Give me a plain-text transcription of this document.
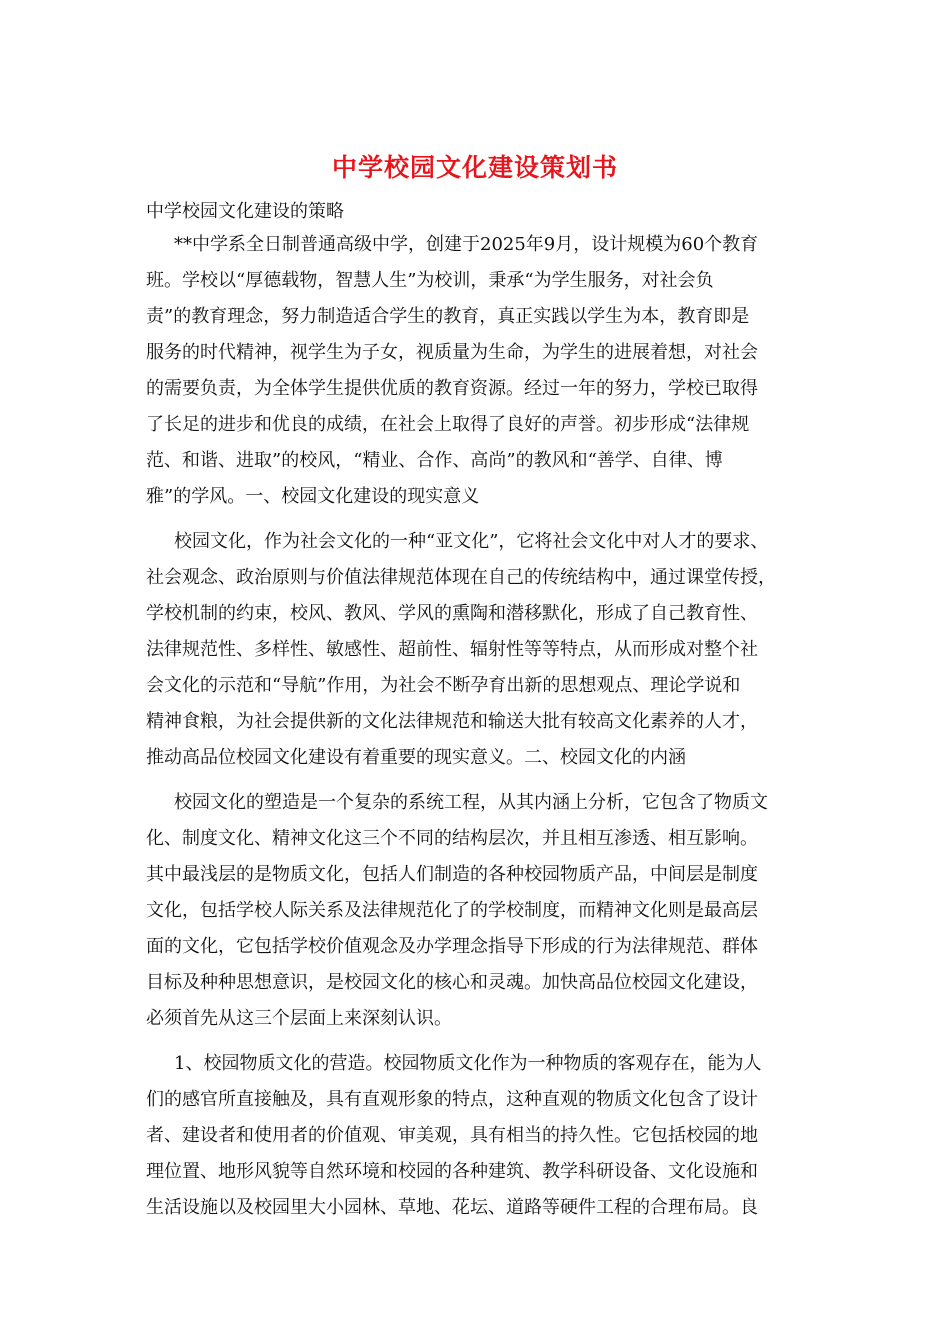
中学校园文化建设策划书
中学校园文化建设的策略
**中学系全日制普通高级中学，创建于2025年9月，设计规模为60个教育
班。学校以“厚德载物，智慧人生”为校训，秉承“为学生服务，对社会负
责”的教育理念，努力制造适合学生的教育，真正实践以学生为本，教育即是
服务的时代精神，视学生为子女，视质量为生命，为学生的进展着想，对社会
的需要负责，为全体学生提供优质的教育资源。经过一年的努力，学校已取得
了长足的进步和优良的成绩，在社会上取得了良好的声誉。初步形成“法律规
范、和谐、进取”的校风，“精业、合作、高尚”的教风和“善学、自律、博
雅”的学风。一、校园文化建设的现实意义
校园文化，作为社会文化的一种“亚文化”，它将社会文化中对人才的要求、
社会观念、政治原则与价值法律规范体现在自己的传统结构中，通过课堂传授，
学校机制的约束，校风、教风、学风的熏陶和潜移默化，形成了自己教育性、
法律规范性、多样性、敏感性、超前性、辐射性等等特点，从而形成对整个社
会文化的示范和“导航”作用，为社会不断孕育出新的思想观点、理论学说和
精神食粮，为社会提供新的文化法律规范和输送大批有较高文化素养的人才，
推动高品位校园文化建设有着重要的现实意义。二、校园文化的内涵
校园文化的塑造是一个复杂的系统工程，从其内涵上分析，它包含了物质文
化、制度文化、精神文化这三个不同的结构层次，并且相互渗透、相互影响。
其中最浅层的是物质文化，包括人们制造的各种校园物质产品，中间层是制度
文化，包括学校人际关系及法律规范化了的学校制度，而精神文化则是最高层
面的文化，它包括学校价值观念及办学理念指导下形成的行为法律规范、群体
目标及种种思想意识，是校园文化的核心和灵魂。加快高品位校园文化建设，
必须首先从这三个层面上来深刻认识。
1、校园物质文化的营造。校园物质文化作为一种物质的客观存在，能为人
们的感官所直接触及，具有直观形象的特点，这种直观的物质文化包含了设计
者、建设者和使用者的价值观、审美观，具有相当的持久性。它包括校园的地
理位置、地形风貌等自然环境和校园的各种建筑、教学科研设备、文化设施和
生活设施以及校园里大小园林、草地、花坛、道路等硬件工程的合理布局。良
